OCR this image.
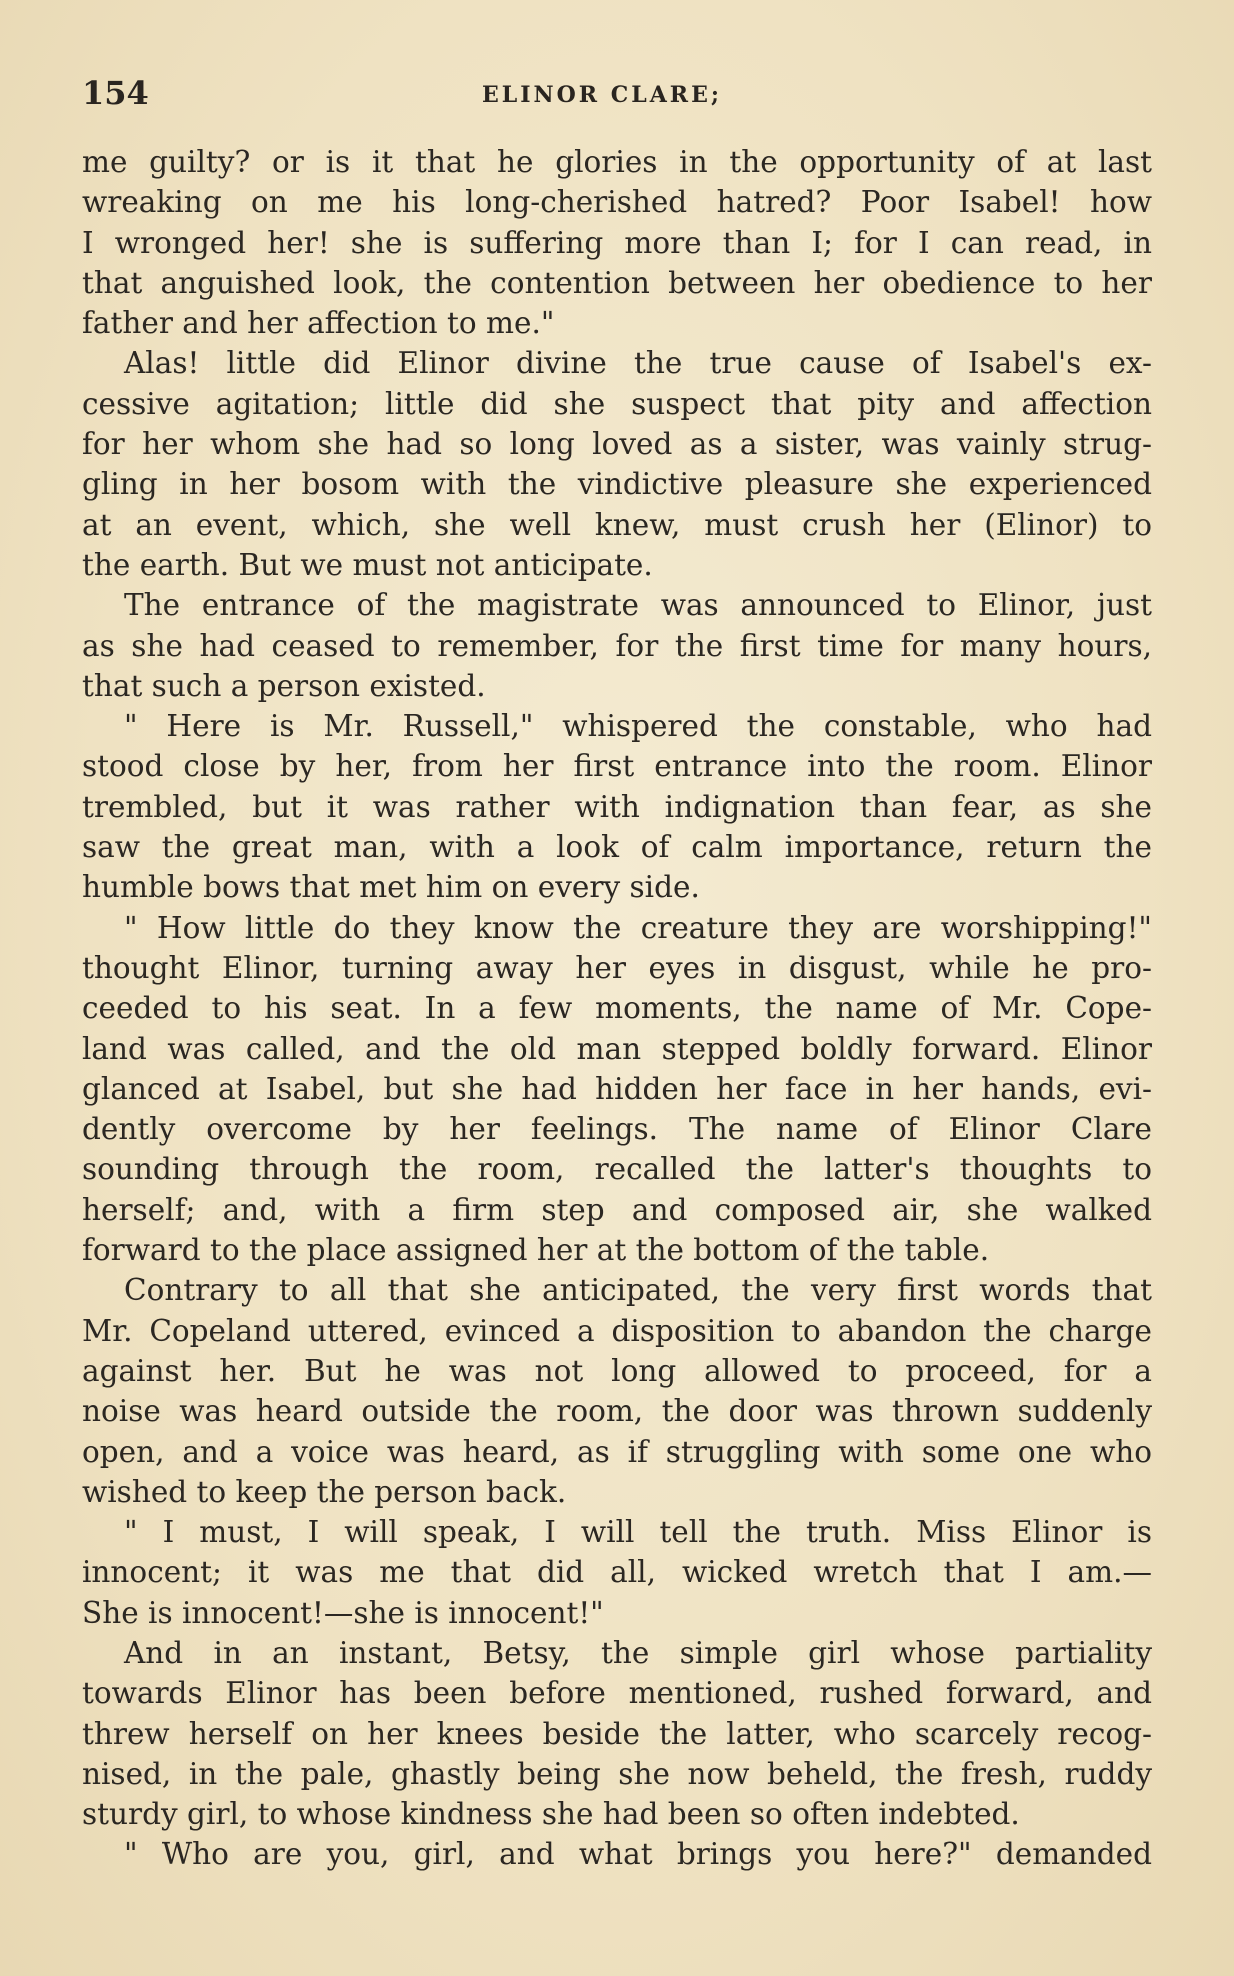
154	ELINOR CLARE;
me guilty? or is it that he glories in the opportunity of at last
wreaking on me his long-cherished hatred? Poor Isabel! how
I wronged her! she is suffering more than I; for I can read, in
that anguished look, the contention between her obedience to her
father and her affection to me."
Alas! little did Elinor divine the true cause of Isabel's ex-
cessive agitation; little did she suspect that pity and affection
for her whom she had so long loved as a sister, was vainly strug-
gling in her bosom with the vindictive pleasure she experienced
at an event, which, she well knew, must crush her (Elinor) to
the earth. But we must not anticipate.
The entrance of the magistrate was announced to Elinor, just
as she had ceased to remember, for the first time for many hours,
that such a person existed.
" Here is Mr. Russell," whispered the constable, who had
stood close by her, from her first entrance into the room. Elinor
trembled, but it was rather with indignation than fear, as she
saw the great man, with a look of calm importance, return the
humble bows that met him on every side.
" How little do they know the creature they are worshipping!"
thought Elinor, turning away her eyes in disgust, while he pro-
ceeded to his seat. In a few moments, the name of Mr. Cope-
land was called, and the old man stepped boldly forward. Elinor
glanced at Isabel, but she had hidden her face in her hands, evi-
dently overcome by her feelings. The name of Elinor Clare
sounding through the room, recalled the latter's thoughts to
herself; and, with a firm step and composed air, she walked
forward to the place assigned her at the bottom of the table.
Contrary to all that she anticipated, the very first words that
Mr. Copeland uttered, evinced a disposition to abandon the charge
against her. But he was not long allowed to proceed, for a
noise was heard outside the room, the door was thrown suddenly
open, and a voice was heard, as if struggling with some one who
wished to keep the person back.
" I must, I will speak, I will tell the truth. Miss Elinor is
innocent; it was me that did all, wicked wretch that I am.—
She is innocent!—she is innocent!"
And in an instant, Betsy, the simple girl whose partiality
towards Elinor has been before mentioned, rushed forward, and
threw herself on her knees beside the latter, who scarcely recog-
nised, in the pale, ghastly being she now beheld, the fresh, ruddy
sturdy girl, to whose kindness she had been so often indebted.
" Who are you, girl, and what brings you here?" demanded
